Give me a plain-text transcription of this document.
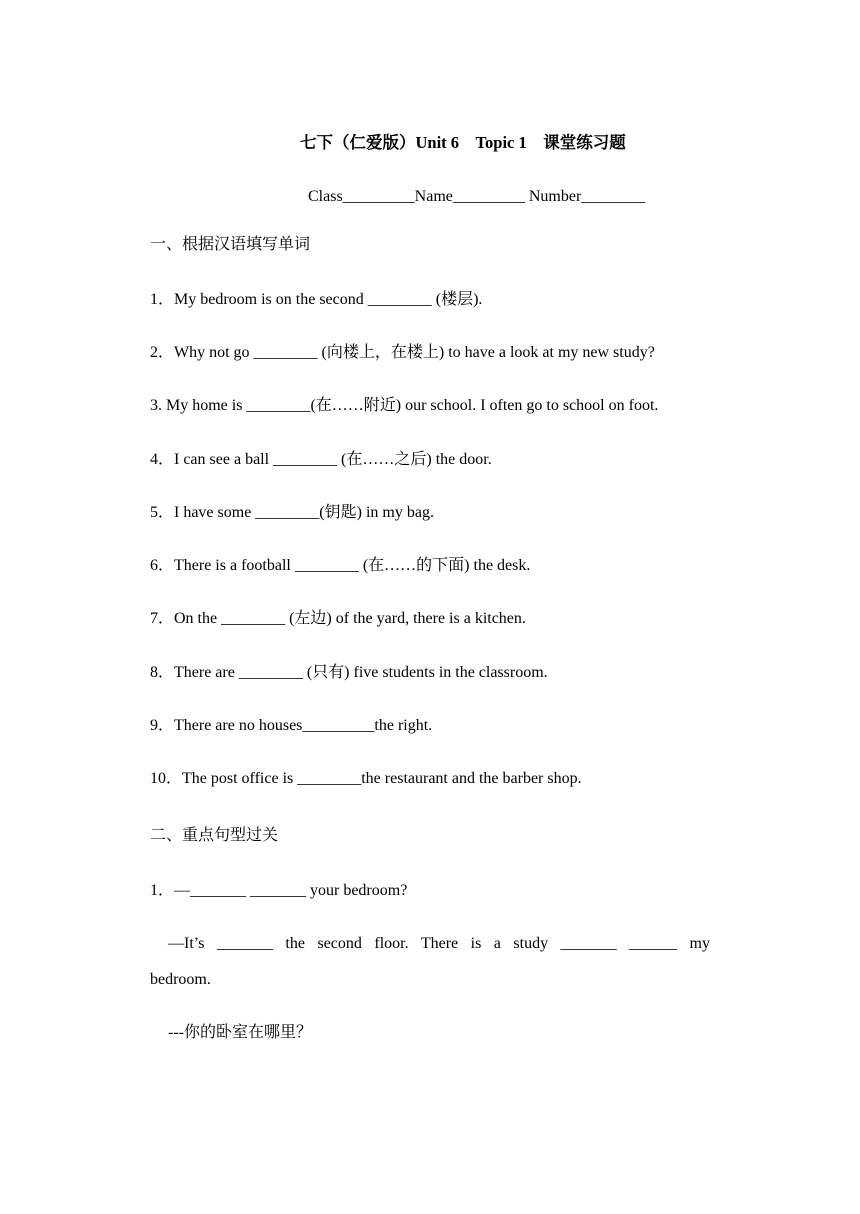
七下（仁爱版）Unit 6　Topic 1　课堂练习题
Class_________Name_________ Number________
一、根据汉语填写单词
1．My bedroom is on the second ________ (楼层).
2．Why not go ________ (向楼上，在楼上) to have a look at my new study?
3. My home is ________(在……附近) our school. I often go to school on foot.
4．I can see a ball ________ (在……之后) the door.
5．I have some ________(钥匙) in my bag.
6．There is a football ________ (在……的下面) the desk.
7．On the ________ (左边) of the yard, there is a kitchen.
8．There are ________ (只有) five students in the classroom.
9．There are no houses_________the right.
10．The post office is ________the restaurant and the barber shop.
二、重点句型过关
1．—_______ _______ your bedroom?
—It’s _______ the second floor. There is a study _______ ______ my
bedroom.
---你的卧室在哪里？
